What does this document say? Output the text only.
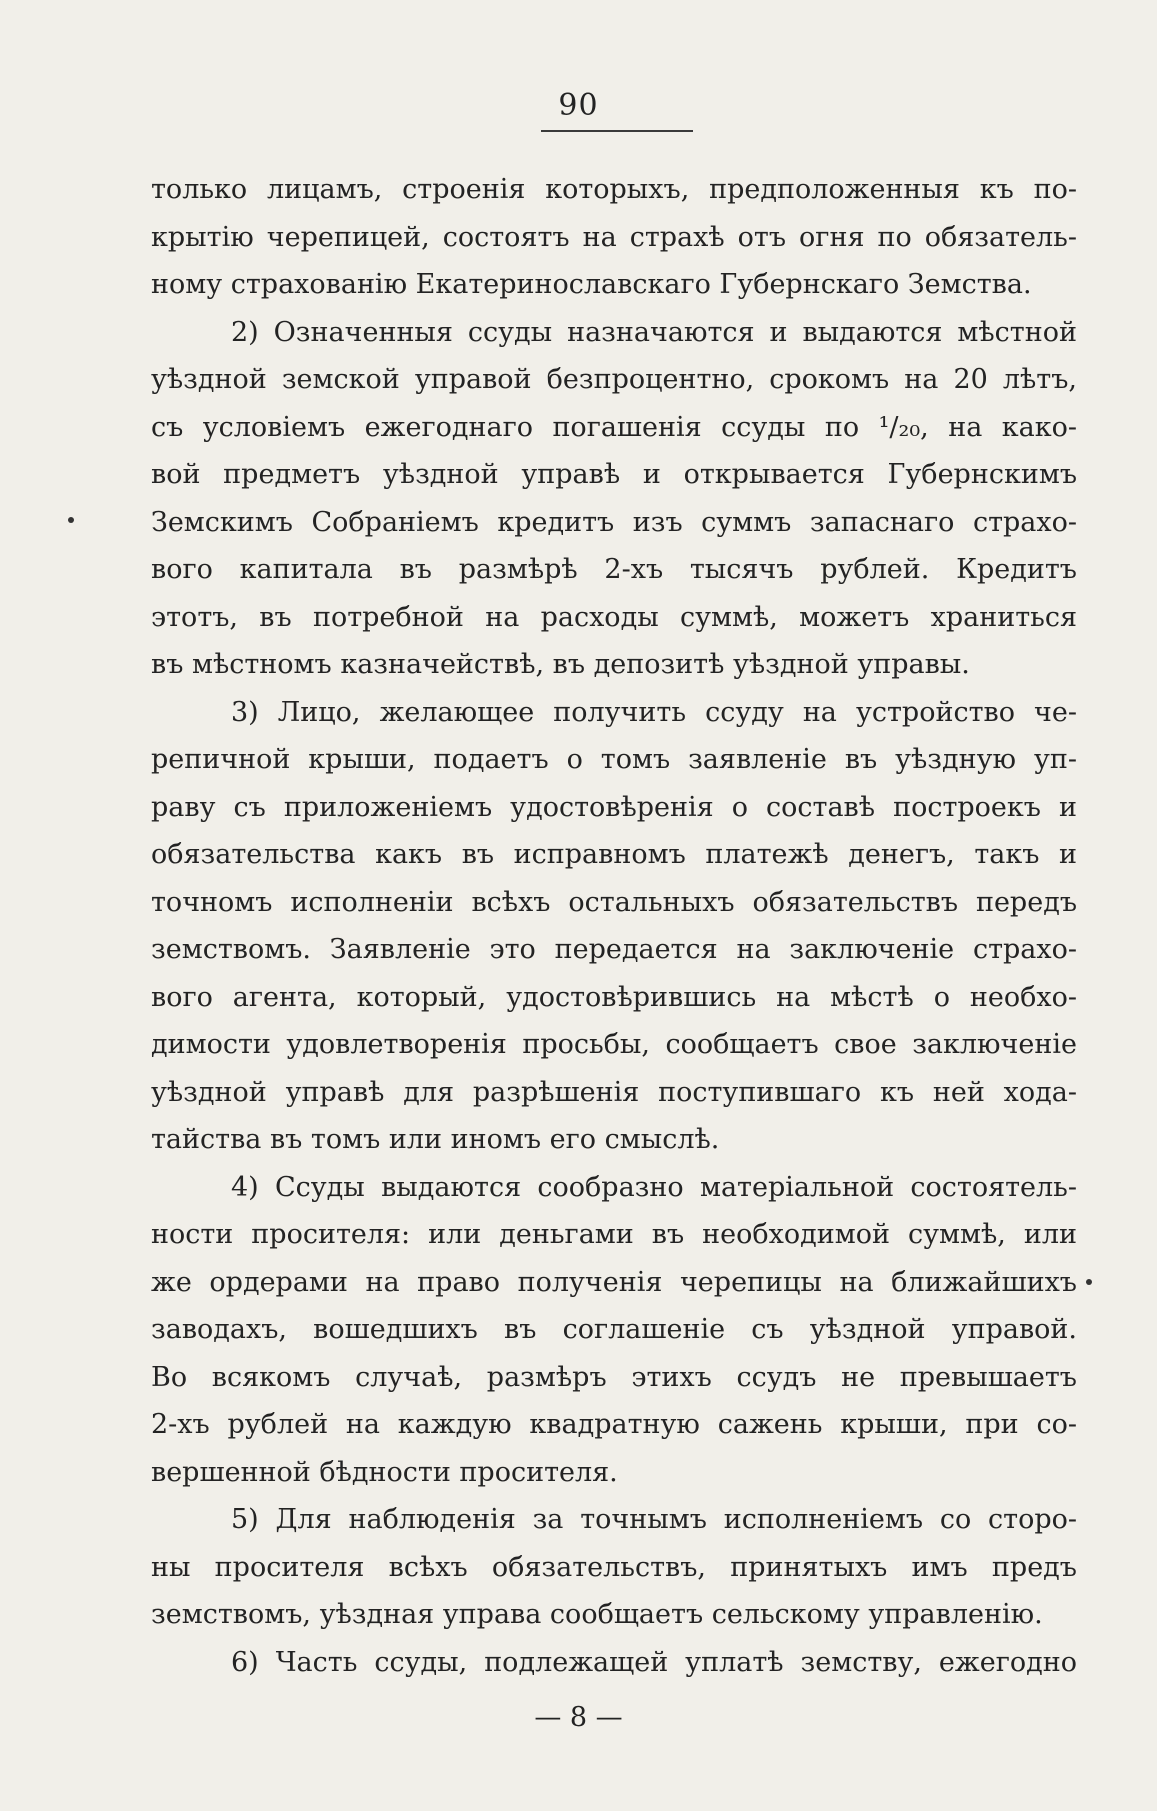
90
только лицамъ, строенія которыхъ, предположенныя къ по-
крытію черепицей, состоятъ на страхѣ отъ огня по обязатель-
ному страхованію Екатеринославскаго Губернскаго Земства.
2) Означенныя ссуды назначаются и выдаются мѣстной
уѣздной земской управой безпроцентно, срокомъ на 20 лѣтъ,
съ условіемъ ежегоднаго погашенія ссуды по ¹/₂₀, на како-
вой предметъ уѣздной управѣ и открывается Губернскимъ
Земскимъ Собраніемъ кредитъ изъ суммъ запаснаго страхо-
вого капитала въ размѣрѣ 2-хъ тысячъ рублей. Кредитъ
этотъ, въ потребной на расходы суммѣ, можетъ храниться
въ мѣстномъ казначействѣ, въ депозитѣ уѣздной управы.
3) Лицо, желающее получить ссуду на устройство че-
репичной крыши, подаетъ о томъ заявленіе въ уѣздную уп-
раву съ приложеніемъ удостовѣренія о составѣ построекъ и
обязательства какъ въ исправномъ платежѣ денегъ, такъ и
точномъ исполненіи всѣхъ остальныхъ обязательствъ передъ
земствомъ. Заявленіе это передается на заключеніе страхо-
вого агента, который, удостовѣрившись на мѣстѣ о необхо-
димости удовлетворенія просьбы, сообщаетъ свое заключеніе
уѣздной управѣ для разрѣшенія поступившаго къ ней хода-
тайства въ томъ или иномъ его смыслѣ.
4) Ссуды выдаются сообразно матеріальной состоятель-
ности просителя: или деньгами въ необходимой суммѣ, или
же ордерами на право полученія черепицы на ближайшихъ
заводахъ, вошедшихъ въ соглашеніе съ уѣздной управой.
Во всякомъ случаѣ, размѣръ этихъ ссудъ не превышаетъ
2-хъ рублей на каждую квадратную сажень крыши, при со-
вершенной бѣдности просителя.
5) Для наблюденія за точнымъ исполненіемъ со сторо-
ны просителя всѣхъ обязательствъ, принятыхъ имъ предъ
земствомъ, уѣздная управа сообщаетъ сельскому управленію.
6) Часть ссуды, подлежащей уплатѣ земству, ежегодно
— 8 —
